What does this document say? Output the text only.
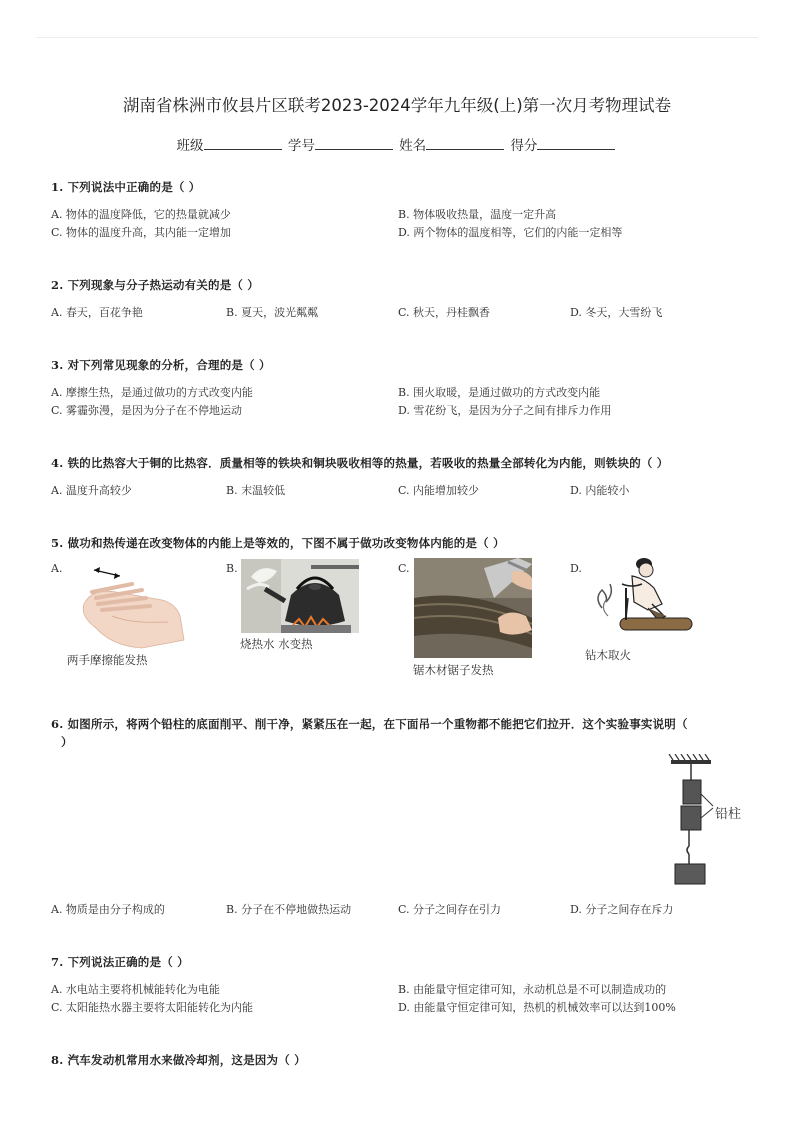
湖南省株洲市攸县片区联考2023-2024学年九年级(上)第一次月考物理试卷
班级	学号	姓名	得分
1. 下列说法中正确的是（ ）
A. 物体的温度降低，它的热量就减少	B. 物体吸收热量，温度一定升高
C. 物体的温度升高，其内能一定增加	D. 两个物体的温度相等，它们的内能一定相等
2. 下列现象与分子热运动有关的是（ ）
A. 春天，百花争艳	B. 夏天，波光粼粼	C. 秋天，丹桂飘香	D. 冬天，大雪纷飞
3. 对下列常见现象的分析，合理的是（ ）
A. 摩擦生热，是通过做功的方式改变内能	B. 围火取暖，是通过做功的方式改变内能
C. 雾霾弥漫，是因为分子在不停地运动	D. 雪花纷飞，是因为分子之间有排斥力作用
4. 铁的比热容大于铜的比热容．质量相等的铁块和铜块吸收相等的热量，若吸收的热量全部转化为内能，则铁块的（ ）
A. 温度升高较少	B. 末温较低	C. 内能增加较少	D. 内能较小
5. 做功和热传递在改变物体的内能上是等效的，下图不属于做功改变物体内能的是（ ）
A.	B.	C.	D.
两手摩擦能发热
烧热水 水变热
锯木材锯子发热
钻木取火
6. 如图所示，将两个铅柱的底面削平、削干净，紧紧压在一起，在下面吊一个重物都不能把它们拉开．这个实验事实说明（
）
铅柱
A. 物质是由分子构成的	B. 分子在不停地做热运动	C. 分子之间存在引力	D. 分子之间存在斥力
7. 下列说法正确的是（ ）
A. 水电站主要将机械能转化为电能	B. 由能量守恒定律可知，永动机总是不可以制造成功的
C. 太阳能热水器主要将太阳能转化为内能	D. 由能量守恒定律可知，热机的机械效率可以达到100%
8. 汽车发动机常用水来做冷却剂，这是因为（ ）
